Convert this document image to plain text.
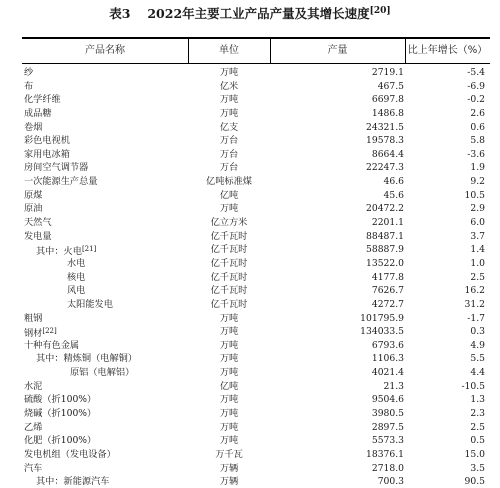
表3　 2022年主要工业产品产量及其增长速度[20]
产品名称	单位	产量	比上年增长（%）
纱	万吨	2719.1	-5.4
布	亿米	467.5	-6.9
化学纤维	万吨	6697.8	-0.2
成品糖	万吨	1486.8	2.6
卷烟	亿支	24321.5	0.6
彩色电视机	万台	19578.3	5.8
家用电冰箱	万台	8664.4	-3.6
房间空气调节器	万台	22247.3	1.9
一次能源生产总量	亿吨标准煤	46.6	9.2
原煤	亿吨	45.6	10.5
原油	万吨	20472.2	2.9
天然气	亿立方米	2201.1	6.0
发电量	亿千瓦时	88487.1	3.7
其中：火电[21]	亿千瓦时	58887.9	1.4
水电	亿千瓦时	13522.0	1.0
核电	亿千瓦时	4177.8	2.5
风电	亿千瓦时	7626.7	16.2
太阳能发电	亿千瓦时	4272.7	31.2
粗钢	万吨	101795.9	-1.7
钢材[22]	万吨	134033.5	0.3
十种有色金属	万吨	6793.6	4.9
其中：精炼铜（电解铜）	万吨	1106.3	5.5
原铝（电解铝）	万吨	4021.4	4.4
水泥	亿吨	21.3	-10.5
硫酸（折100%）	万吨	9504.6	1.3
烧碱（折100%）	万吨	3980.5	2.3
乙烯	万吨	2897.5	2.5
化肥（折100%）	万吨	5573.3	0.5
发电机组（发电设备）	万千瓦	18376.1	15.0
汽车	万辆	2718.0	3.5
其中：新能源汽车	万辆	700.3	90.5
